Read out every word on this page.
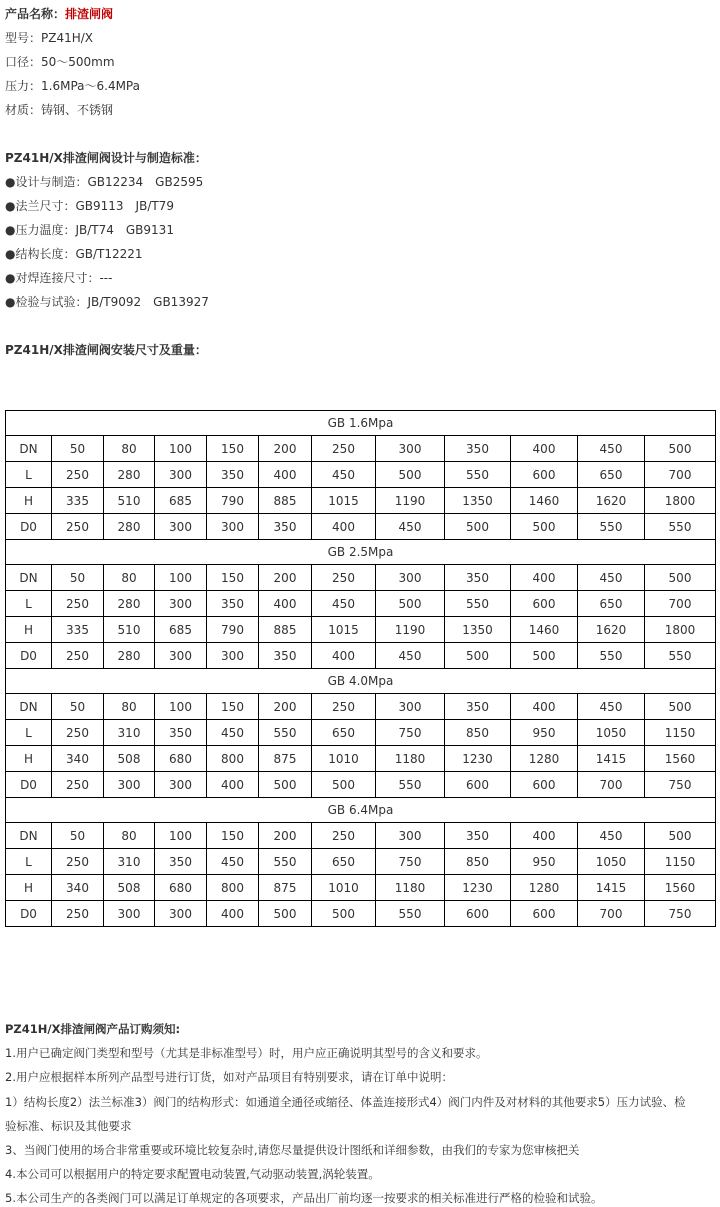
产品名称：排渣闸阀
型号：PZ41H/X
口径：50～500mm
压力：1.6MPa～6.4MPa
材质：铸钢、不锈钢
PZ41H/X排渣闸阀设计与制造标准：
●设计与制造：GB12234　GB2595
●法兰尺寸：GB9113　JB/T79
●压力温度：JB/T74　GB9131
●结构长度：GB/T12221
●对焊连接尺寸：---
●检验与试验：JB/T9092　GB13927
PZ41H/X排渣闸阀安装尺寸及重量：
GB 1.6Mpa											
DN	50	80	100	150	200	250	300	350	400	450	500
L	250	280	300	350	400	450	500	550	600	650	700
H	335	510	685	790	885	1015	1190	1350	1460	1620	1800
D0	250	280	300	300	350	400	450	500	500	550	550
GB 2.5Mpa											
DN	50	80	100	150	200	250	300	350	400	450	500
L	250	280	300	350	400	450	500	550	600	650	700
H	335	510	685	790	885	1015	1190	1350	1460	1620	1800
D0	250	280	300	300	350	400	450	500	500	550	550
GB 4.0Mpa											
DN	50	80	100	150	200	250	300	350	400	450	500
L	250	310	350	450	550	650	750	850	950	1050	1150
H	340	508	680	800	875	1010	1180	1230	1280	1415	1560
D0	250	300	300	400	500	500	550	600	600	700	750
GB 6.4Mpa											
DN	50	80	100	150	200	250	300	350	400	450	500
L	250	310	350	450	550	650	750	850	950	1050	1150
H	340	508	680	800	875	1010	1180	1230	1280	1415	1560
D0	250	300	300	400	500	500	550	600	600	700	750
PZ41H/X排渣闸阀产品订购须知:
1.用户已确定阀门类型和型号（尤其是非标准型号）时，用户应正确说明其型号的含义和要求。
2.用户应根据样本所列产品型号进行订货，如对产品项目有特别要求，请在订单中说明：
1）结构长度2）法兰标准3）阀门的结构形式：如通道全通径或缩径、体盖连接形式4）阀门内件及对材料的其他要求5）压力试验、检
验标准、标识及其他要求
3、当阀门使用的场合非常重要或环境比较复杂时,请您尽量提供设计图纸和详细参数，由我们的专家为您审核把关
4.本公司可以根据用户的特定要求配置电动装置,气动驱动装置,涡轮装置。
5.本公司生产的各类阀门可以满足订单规定的各项要求，产品出厂前均逐一按要求的相关标准进行严格的检验和试验。
